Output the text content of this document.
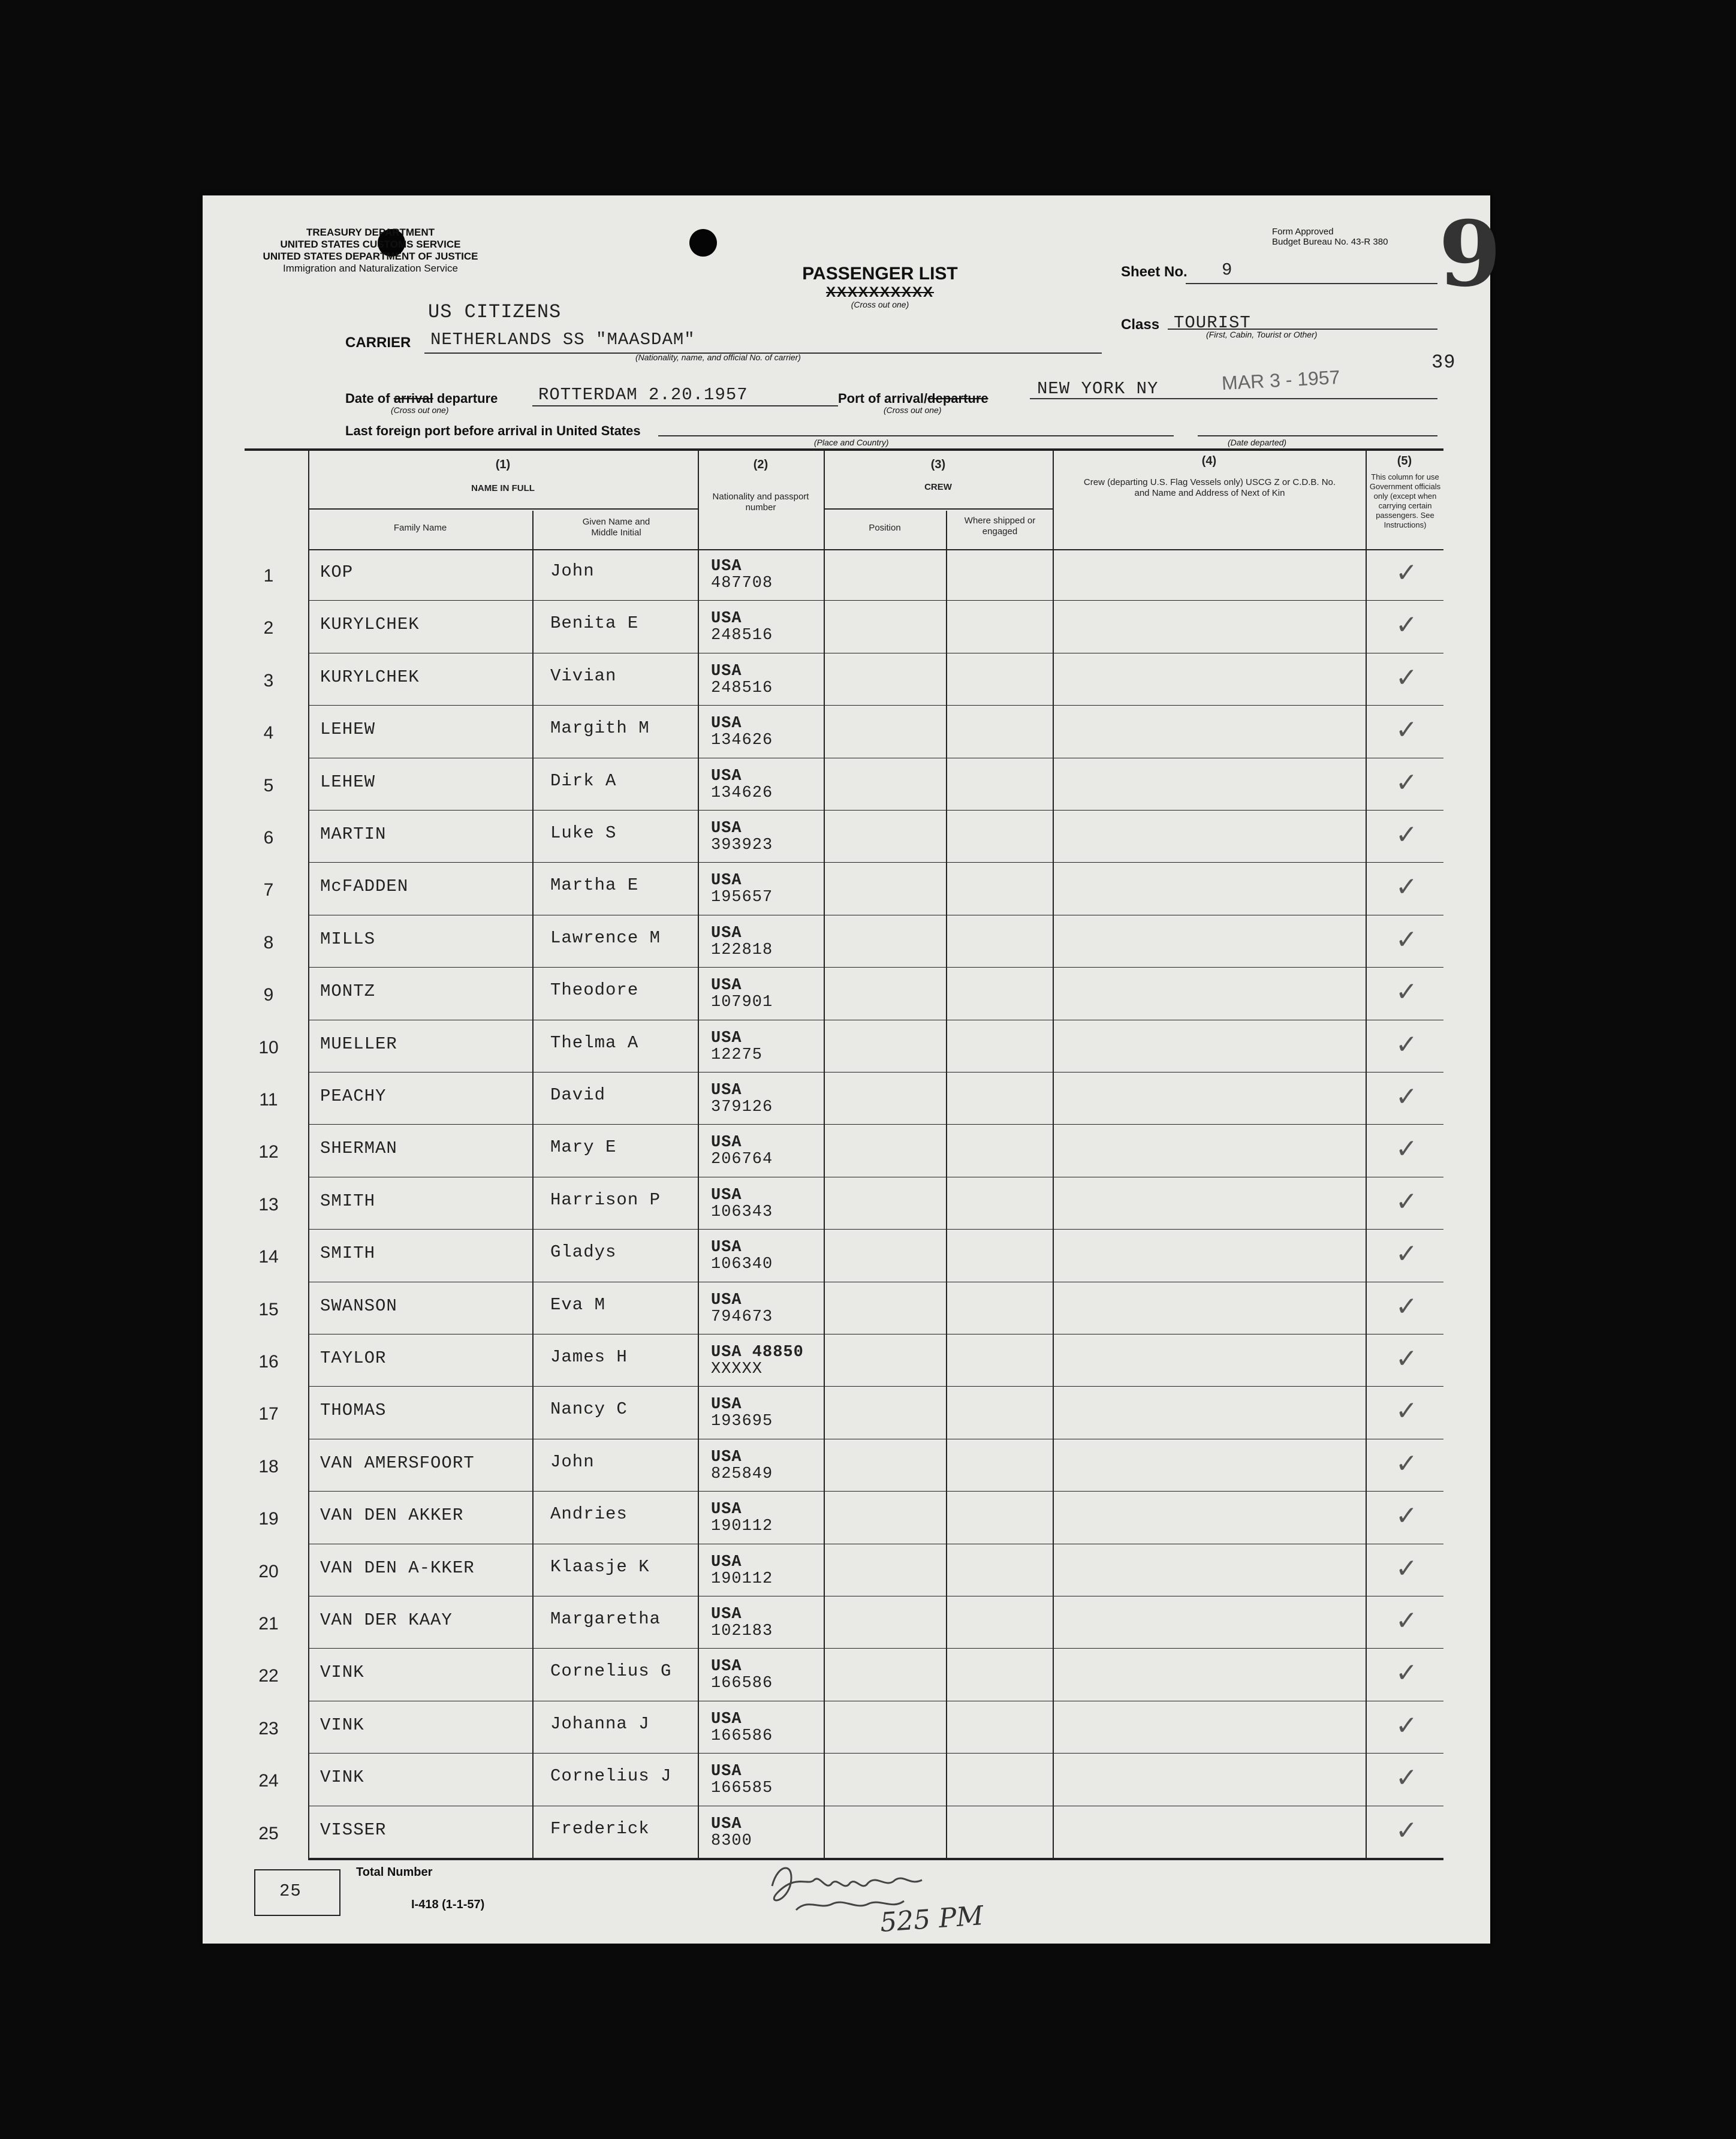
TREASURY DEPARTMENT
UNITED STATES CUSTOMS SERVICE
UNITED STATES DEPARTMENT OF JUSTICE
Immigration and Naturalization Service	PASSENGER LIST
XXXXXXXXXX
(Cross out one)
Form Approved
Budget Bureau No. 43-R 380 9
Sheet No. 9
US CITIZENS
CARRIER NETHERLANDS SS "MAASDAM"
(Nationality, name, and official No. of carrier)
Class TOURIST
(First, Cabin, Tourist or Other)
39
Date of arrival departure
(Cross out one)
ROTTERDAM 2.20.1957	Port of arrival/departure
(Cross out one)
NEW YORK NY	MAR 3 - 1957
Last foreign port before arrival in United States
(Place and Country)	(Date departed)
(1)
NAME IN FULL
Family Name
Given Name and Middle Initial
(2)
Nationality and passport number
(3)
CREW
Position
Where shipped or engaged
(4)
Crew (departing U.S. Flag Vessels only) USCG Z or C.D.B. No. and Name and Address of Next of Kin
(5)
This column for use Government officials only (except when carrying certain passengers. See Instructions)
1	KOP	John	USA
487708	✓
2	KURYLCHEK	Benita E	USA
248516	✓
3	KURYLCHEK	Vivian	USA
248516	✓
4	LEHEW	Margith M	USA
134626	✓
5	LEHEW	Dirk A	USA
134626	✓
6	MARTIN	Luke S	USA
393923	✓
7	McFADDEN	Martha E	USA
195657	✓
8	MILLS	Lawrence M	USA
122818	✓
9	MONTZ	Theodore	USA
107901	✓
10	MUELLER	Thelma A	USA
12275	✓
11	PEACHY	David	USA
379126	✓
12	SHERMAN	Mary E	USA
206764	✓
13	SMITH	Harrison P	USA
106343	✓
14	SMITH	Gladys	USA
106340	✓
15	SWANSON	Eva M	USA
794673	✓
16	TAYLOR	James H	USA 48850
XXXXX	✓
17	THOMAS	Nancy C	USA
193695	✓
18	VAN AMERSFOORT	John	USA
825849	✓
19	VAN DEN AKKER	Andries	USA
190112	✓
20	VAN DEN A-KKER	Klaasje K	USA
190112	✓
21	VAN DER KAAY	Margaretha	USA
102183	✓
22	VINK	Cornelius G USA
166586	✓
23	VINK	Johanna J	USA
166586	✓
24	VINK	Cornelius J USA
166585	✓
25	VISSER	Frederick	USA
8300	✓
25
Total Number
I-418 (1-1-57)	525 PM
